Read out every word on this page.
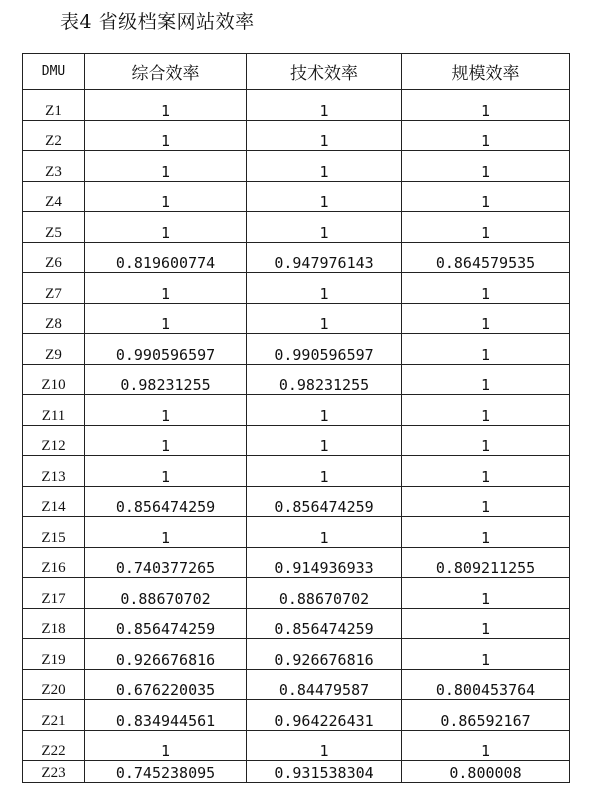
表4 省级档案网站效率
DMU	综合效率	技术效率	规模效率
Z1	1	1	1
Z2	1	1	1
Z3	1	1	1
Z4	1	1	1
Z5	1	1	1
Z6	0.819600774	0.947976143	0.864579535
Z7	1	1	1
Z8	1	1	1
Z9	0.990596597	0.990596597	1
Z10	0.98231255	0.98231255	1
Z11	1	1	1
Z12	1	1	1
Z13	1	1	1
Z14	0.856474259	0.856474259	1
Z15	1	1	1
Z16	0.740377265	0.914936933	0.809211255
Z17	0.88670702	0.88670702	1
Z18	0.856474259	0.856474259	1
Z19	0.926676816	0.926676816	1
Z20	0.676220035	0.84479587	0.800453764
Z21	0.834944561	0.964226431	0.86592167
Z22	1	1	1
Z23	0.745238095	0.931538304	0.800008
